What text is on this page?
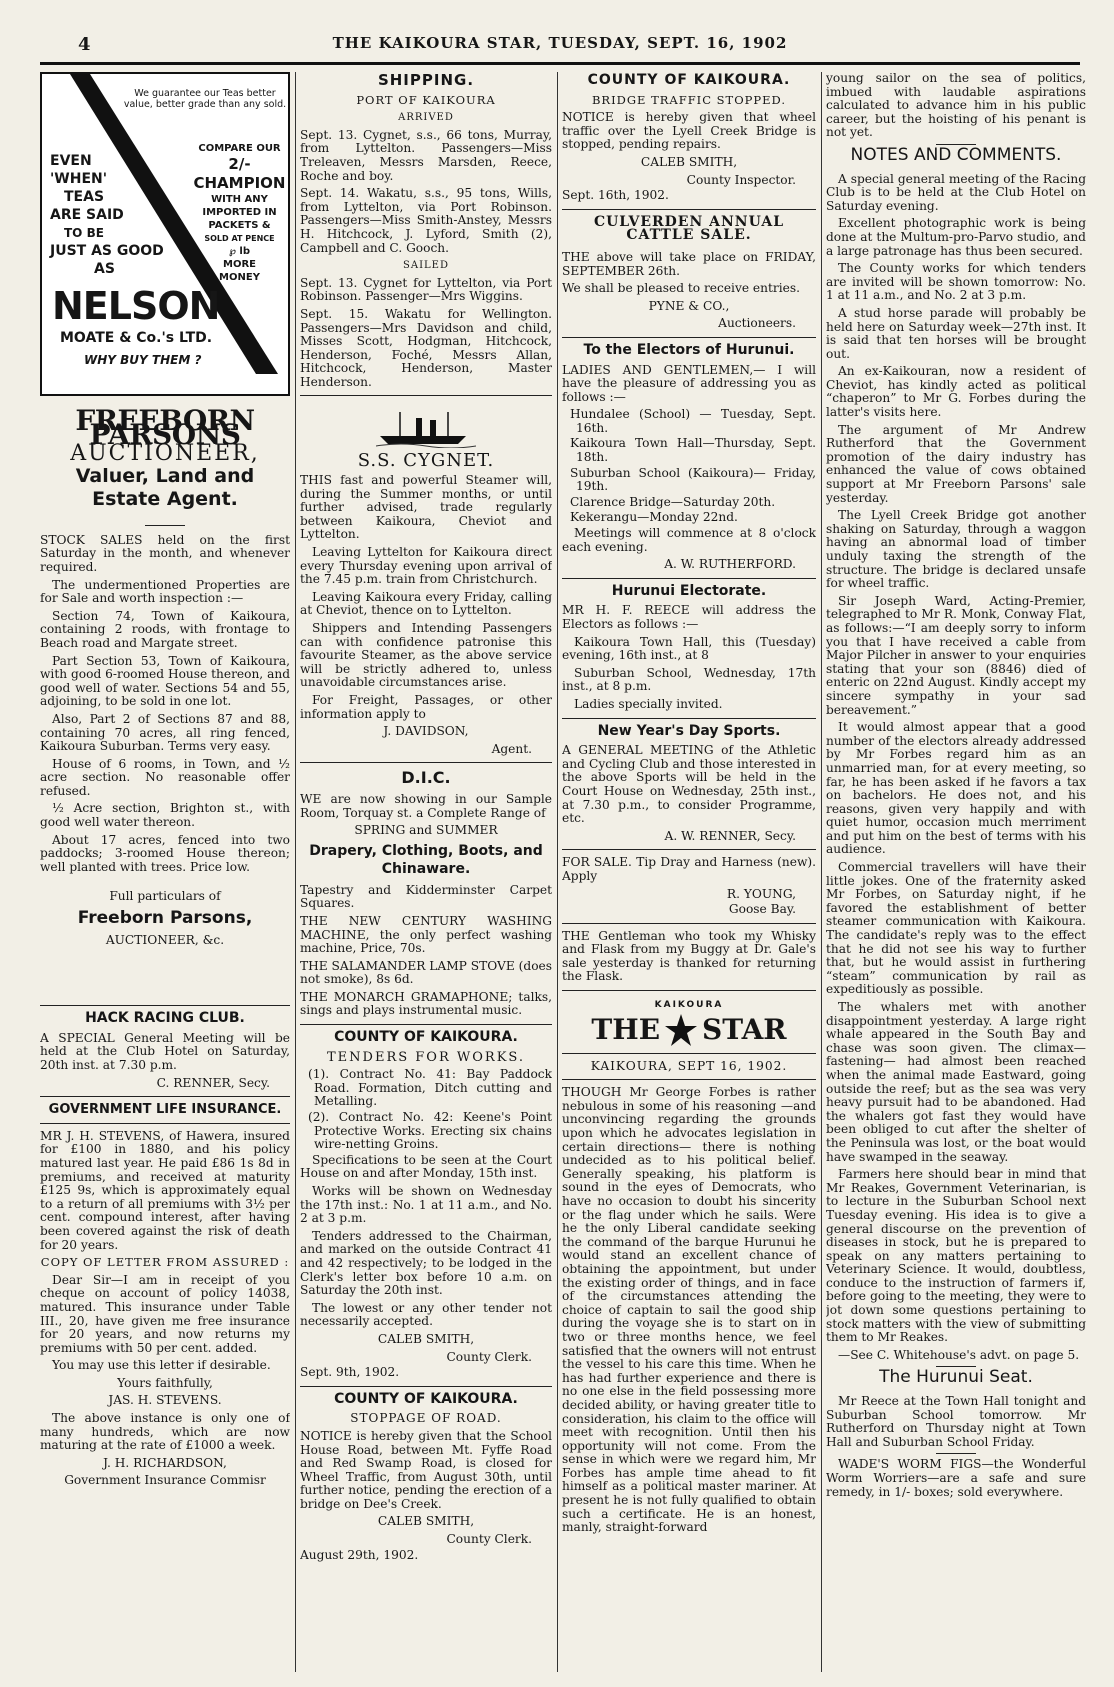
4	THE KAIKOURA STAR, TUESDAY, SEPT. 16, 1902
We guarantee our Teas better value, better grade than any sold.
EVEN
'WHEN'
TEAS
ARE SAID
TO BE
JUST AS GOOD
AS
COMPARE OUR
2/- CHAMPION
WITH ANY
IMPORTED IN
PACKETS &
SOLD AT PENCE
℘ lb
MORE
MONEY
NELSON
MOATE & Co.'s LTD.
WHY BUY THEM ?
FREEBORN PARSONS
AUCTIONEER,
Valuer, Land and Estate Agent.

STOCK SALES held on the first Saturday in the month, and whenever required.

The undermentioned Properties are for Sale and worth inspection :—

Section 74, Town of Kaikoura, containing 2 roods, with frontage to Beach road and Margate street.

Part Section 53, Town of Kaikoura, with good 6-roomed House thereon, and good well of water. Sections 54 and 55, adjoining, to be sold in one lot.

Also, Part 2 of Sections 87 and 88, containing 70 acres, all ring fenced, Kaikoura Suburban. Terms very easy.

House of 6 rooms, in Town, and ½ acre section. No reasonable offer refused.

½ Acre section, Brighton st., with good well water thereon.

About 17 acres, fenced into two paddocks; 3-roomed House thereon; well planted with trees. Price low.

Full particulars of

Freeborn Parsons,

AUCTIONEER, &c.

HACK RACING CLUB.

A SPECIAL General Meeting will be held at the Club Hotel on Saturday, 20th inst. at 7.30 p.m.

C. RENNER, Secy.

GOVERNMENT LIFE INSURANCE.

MR J. H. STEVENS, of Hawera, insured for £100 in 1880, and his policy matured last year. He paid £86 1s 8d in premiums, and received at maturity £125 9s, which is approximately equal to a return of all premiums with 3½ per cent. compound interest, after having been covered against the risk of death for 20 years.

COPY OF LETTER FROM ASSURED :

Dear Sir—I am in receipt of you cheque on account of policy 14038, matured. This insurance under Table III., 20, have given me free insurance for 20 years, and now returns my premiums with 50 per cent. added.

You may use this letter if desirable.

Yours faithfully,

JAS. H. STEVENS.

The above instance is only one of many hundreds, which are now maturing at the rate of £1000 a week.

J. H. RICHARDSON,

Government Insurance Commisr

SHIPPING.
PORT OF KAIKOURA
ARRIVED

Sept. 13. Cygnet, s.s., 66 tons, Murray, from Lyttelton. Passengers—Miss Treleaven, Messrs Marsden, Reece, Roche and boy.

Sept. 14. Wakatu, s.s., 95 tons, Wills, from Lyttelton, via Port Robinson. Passengers—Miss Smith-Anstey, Messrs H. Hitchcock, J. Lyford, Smith (2), Campbell and C. Gooch.

SAILED

Sept. 13. Cygnet for Lyttelton, via Port Robinson. Passenger—Mrs Wiggins.

Sept. 15. Wakatu for Wellington. Passengers—Mrs Davidson and child, Misses Scott, Hodgman, Hitchcock, Henderson, Foché, Messrs Allan, Hitchcock, Henderson, Master Henderson.

S.S. CYGNET.

THIS fast and powerful Steamer will, during the Summer months, or until further advised, trade regularly between Kaikoura, Cheviot and Lyttelton.

Leaving Lyttelton for Kaikoura direct every Thursday evening upon arrival of the 7.45 p.m. train from Christchurch.

Leaving Kaikoura every Friday, calling at Cheviot, thence on to Lyttelton.

Shippers and Intending Passengers can with confidence patronise this favourite Steamer, as the above service will be strictly adhered to, unless unavoidable circumstances arise.

For Freight, Passages, or other information apply to

J. DAVIDSON,

Agent.

D.I.C.

WE are now showing in our Sample Room, Torquay st. a Complete Range of

SPRING and SUMMER

Drapery, Clothing, Boots, and Chinaware.

Tapestry and Kidderminster Carpet Squares.

THE NEW CENTURY WASHING MACHINE, the only perfect washing machine, Price, 70s.

THE SALAMANDER LAMP STOVE (does not smoke), 8s 6d.

THE MONARCH GRAMAPHONE; talks, sings and plays instrumental music.

COUNTY OF KAIKOURA.
TENDERS FOR WORKS.

(1). Contract No. 41: Bay Paddock Road. Formation, Ditch cutting and Metalling.

(2). Contract No. 42: Keene's Point Protective Works. Erecting six chains wire-netting Groins.

Specifications to be seen at the Court House on and after Monday, 15th inst.

Works will be shown on Wednesday the 17th inst.: No. 1 at 11 a.m., and No. 2 at 3 p.m.

Tenders addressed to the Chairman, and marked on the outside Contract 41 and 42 respectively; to be lodged in the Clerk's letter box before 10 a.m. on Saturday the 20th inst.

The lowest or any other tender not necessarily accepted.

CALEB SMITH,

County Clerk.

Sept. 9th, 1902.

COUNTY OF KAIKOURA.
STOPPAGE OF ROAD.

NOTICE is hereby given that the School House Road, between Mt. Fyffe Road and Red Swamp Road, is closed for Wheel Traffic, from August 30th, until further notice, pending the erection of a bridge on Dee's Creek.

CALEB SMITH,

County Clerk.

August 29th, 1902.

COUNTY OF KAIKOURA.
BRIDGE TRAFFIC STOPPED.

NOTICE is hereby given that wheel traffic over the Lyell Creek Bridge is stopped, pending repairs.

CALEB SMITH,

County Inspector.

Sept. 16th, 1902.

CULVERDEN ANNUAL CATTLE SALE.

THE above will take place on FRIDAY, SEPTEMBER 26th.

We shall be pleased to receive entries.

PYNE & CO.,

Auctioneers.

To the Electors of Hurunui.

LADIES AND GENTLEMEN,— I will have the pleasure of addressing you as follows :—

Hundalee (School) — Tuesday, Sept. 16th.

Kaikoura Town Hall—Thursday, Sept. 18th.

Suburban School (Kaikoura)— Friday, 19th.

Clarence Bridge—Saturday 20th.

Kekerangu—Monday 22nd.

Meetings will commence at 8 o'clock each evening.

A. W. RUTHERFORD.

Hurunui Electorate.

MR H. F. REECE will address the Electors as follows :—

Kaikoura Town Hall, this (Tuesday) evening, 16th inst., at 8

Suburban School, Wednesday, 17th inst., at 8 p.m.

Ladies specially invited.

New Year's Day Sports.

A GENERAL MEETING of the Athletic and Cycling Club and those interested in the above Sports will be held in the Court House on Wednesday, 25th inst., at 7.30 p.m., to consider Programme, etc.

A. W. RENNER, Secy.

FOR SALE. Tip Dray and Harness (new). Apply

R. YOUNG,

Goose Bay.

THE Gentleman who took my Whisky and Flask from my Buggy at Dr. Gale's sale yesterday is thanked for returning the Flask.

KAIKOURA
THE STAR

KAIKOURA, SEPT 16, 1902.

THOUGH Mr George Forbes is rather nebulous in some of his reasoning —and unconvincing regarding the grounds upon which he advocates legislation in certain directions— there is nothing undecided as to his political belief. Generally speaking, his platform is sound in the eyes of Democrats, who have no occasion to doubt his sincerity or the flag under which he sails. Were he the only Liberal candidate seeking the command of the barque Hurunui he would stand an excellent chance of obtaining the appointment, but under the existing order of things, and in face of the circumstances attending the choice of captain to sail the good ship during the voyage she is to start on in two or three months hence, we feel satisfied that the owners will not entrust the vessel to his care this time. When he has had further experience and there is no one else in the field possessing more decided ability, or having greater title to consideration, his claim to the office will meet with recognition. Until then his opportunity will not come. From the sense in which were we regard him, Mr Forbes has ample time ahead to fit himself as a political master mariner. At present he is not fully qualified to obtain such a certificate. He is an honest, manly, straight-forward

young sailor on the sea of politics, imbued with laudable aspirations calculated to advance him in his public career, but the hoisting of his penant is not yet.

NOTES AND COMMENTS.

A special general meeting of the Racing Club is to be held at the Club Hotel on Saturday evening.

Excellent photographic work is being done at the Multum-pro-Parvo studio, and a large patronage has thus been secured.

The County works for which tenders are invited will be shown tomorrow: No. 1 at 11 a.m., and No. 2 at 3 p.m.

A stud horse parade will probably be held here on Saturday week—27th inst. It is said that ten horses will be brought out.

An ex-Kaikouran, now a resident of Cheviot, has kindly acted as political “chaperon” to Mr G. Forbes during the latter's visits here.

The argument of Mr Andrew Rutherford that the Government promotion of the dairy industry has enhanced the value of cows obtained support at Mr Freeborn Parsons' sale yesterday.

The Lyell Creek Bridge got another shaking on Saturday, through a waggon having an abnormal load of timber unduly taxing the strength of the structure. The bridge is declared unsafe for wheel traffic.

Sir Joseph Ward, Acting-Premier, telegraphed to Mr R. Monk, Conway Flat, as follows:—“I am deeply sorry to inform you that I have received a cable from Major Pilcher in answer to your enquiries stating that your son (8846) died of enteric on 22nd August. Kindly accept my sincere sympathy in your sad bereavement.”

It would almost appear that a good number of the electors already addressed by Mr Forbes regard him as an unmarried man, for at every meeting, so far, he has been asked if he favors a tax on bachelors. He does not, and his reasons, given very happily and with quiet humor, occasion much merriment and put him on the best of terms with his audience.

Commercial travellers will have their little jokes. One of the fraternity asked Mr Forbes, on Saturday night, if he favored the establishment of better steamer communication with Kaikoura. The candidate's reply was to the effect that he did not see his way to further that, but he would assist in furthering “steam” communication by rail as expeditiously as possible.

The whalers met with another disappointment yesterday. A large right whale appeared in the South Bay and chase was soon given. The climax—fastening— had almost been reached when the animal made Eastward, going outside the reef; but as the sea was very heavy pursuit had to be abandoned. Had the whalers got fast they would have been obliged to cut after the shelter of the Peninsula was lost, or the boat would have swamped in the seaway.

Farmers here should bear in mind that Mr Reakes, Government Veterinarian, is to lecture in the Suburban School next Tuesday evening. His idea is to give a general discourse on the prevention of diseases in stock, but he is prepared to speak on any matters pertaining to Veterinary Science. It would, doubtless, conduce to the instruction of farmers if, before going to the meeting, they were to jot down some questions pertaining to stock matters with the view of submitting them to Mr Reakes.

—See C. Whitehouse's advt. on page 5.

The Hurunui Seat.

Mr Reece at the Town Hall tonight and Suburban School tomorrow. Mr Rutherford on Thursday night at Town Hall and Suburban School Friday.

WADE'S WORM FIGS—the Wonderful Worm Worriers—are a safe and sure remedy, in 1/- boxes; sold everywhere.
